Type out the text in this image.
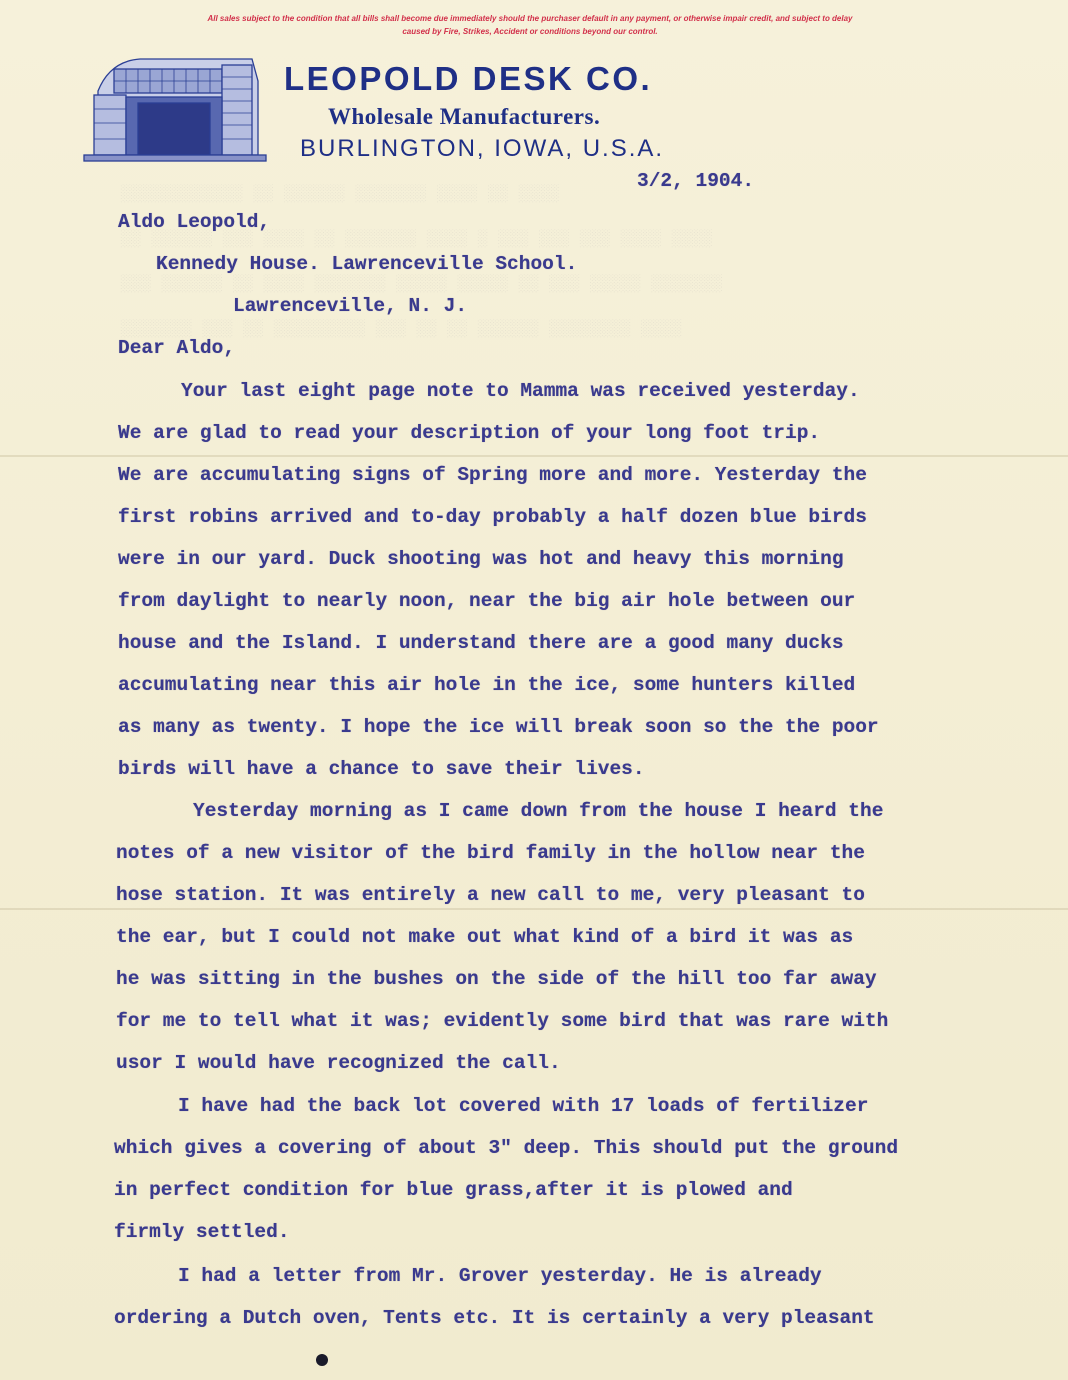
░░░░ ░░ ░░░░ ░░░░░░░ ░░░░░░ ░░ ░░░░░░░░░░░░
░░░░ ░░░░ ░░░ ░░░ ░░░ ░ ░░░░ ░░░░░░░ ░░ ░░░░ ░░░ ░░░░░░ ░░
░░░░░░░ ░░░░░ ░░░ ░░ ░░░░░ ░░░░░ ░░░░░░░ ░░░░ ░░ ░░░░░░ ░░░
░░░░ ░░░░░░░░ ░░░░░░ ░░ ░░ ░░░ ░░░░░░░░░ ░░ ░░░ ░░░░░░░
All sales subject to the condition that all bills shall become due immediately should the purchaser default in any payment, or otherwise impair credit, and subject to delay
caused by Fire, Strikes, Accident or conditions beyond our control.
LEOPOLD DESK CO.
Wholesale Manufacturers.
BURLINGTON, IOWA, U.S.A.
3/2, 1904.
Aldo Leopold,
Kennedy House. Lawrenceville School.
Lawrenceville, N. J.
Dear Aldo,
Your last eight page note to Mamma was received yesterday.
We are glad to read your description of your long foot trip.
We are accumulating signs of Spring more and more. Yesterday the
first robins arrived and to-day probably a half dozen blue birds
were in our yard. Duck shooting was hot and heavy this morning
from daylight to nearly noon, near the big air hole between our
house and the Island. I understand there are a good many ducks
accumulating near this air hole in the ice, some hunters killed
as many as twenty. I hope the ice will break soon so the the poor
birds will have a chance to save their lives.
Yesterday morning as I came down from the house I heard the
notes of a new visitor of the bird family in the hollow near the
hose station. It was entirely a new call to me, very pleasant to
the ear, but I could not make out what kind of a bird it was as
he was sitting in the bushes on the side of the hill too far away
for me to tell what it was; evidently some bird that was rare with
usor I would have recognized the call.
I have had the back lot covered with 17 loads of fertilizer
which gives a covering of about 3" deep. This should put the ground
in perfect condition for blue grass,after it is plowed and
firmly settled.
I had a letter from Mr. Grover yesterday. He is already
ordering a Dutch oven, Tents etc. It is certainly a very pleasant
